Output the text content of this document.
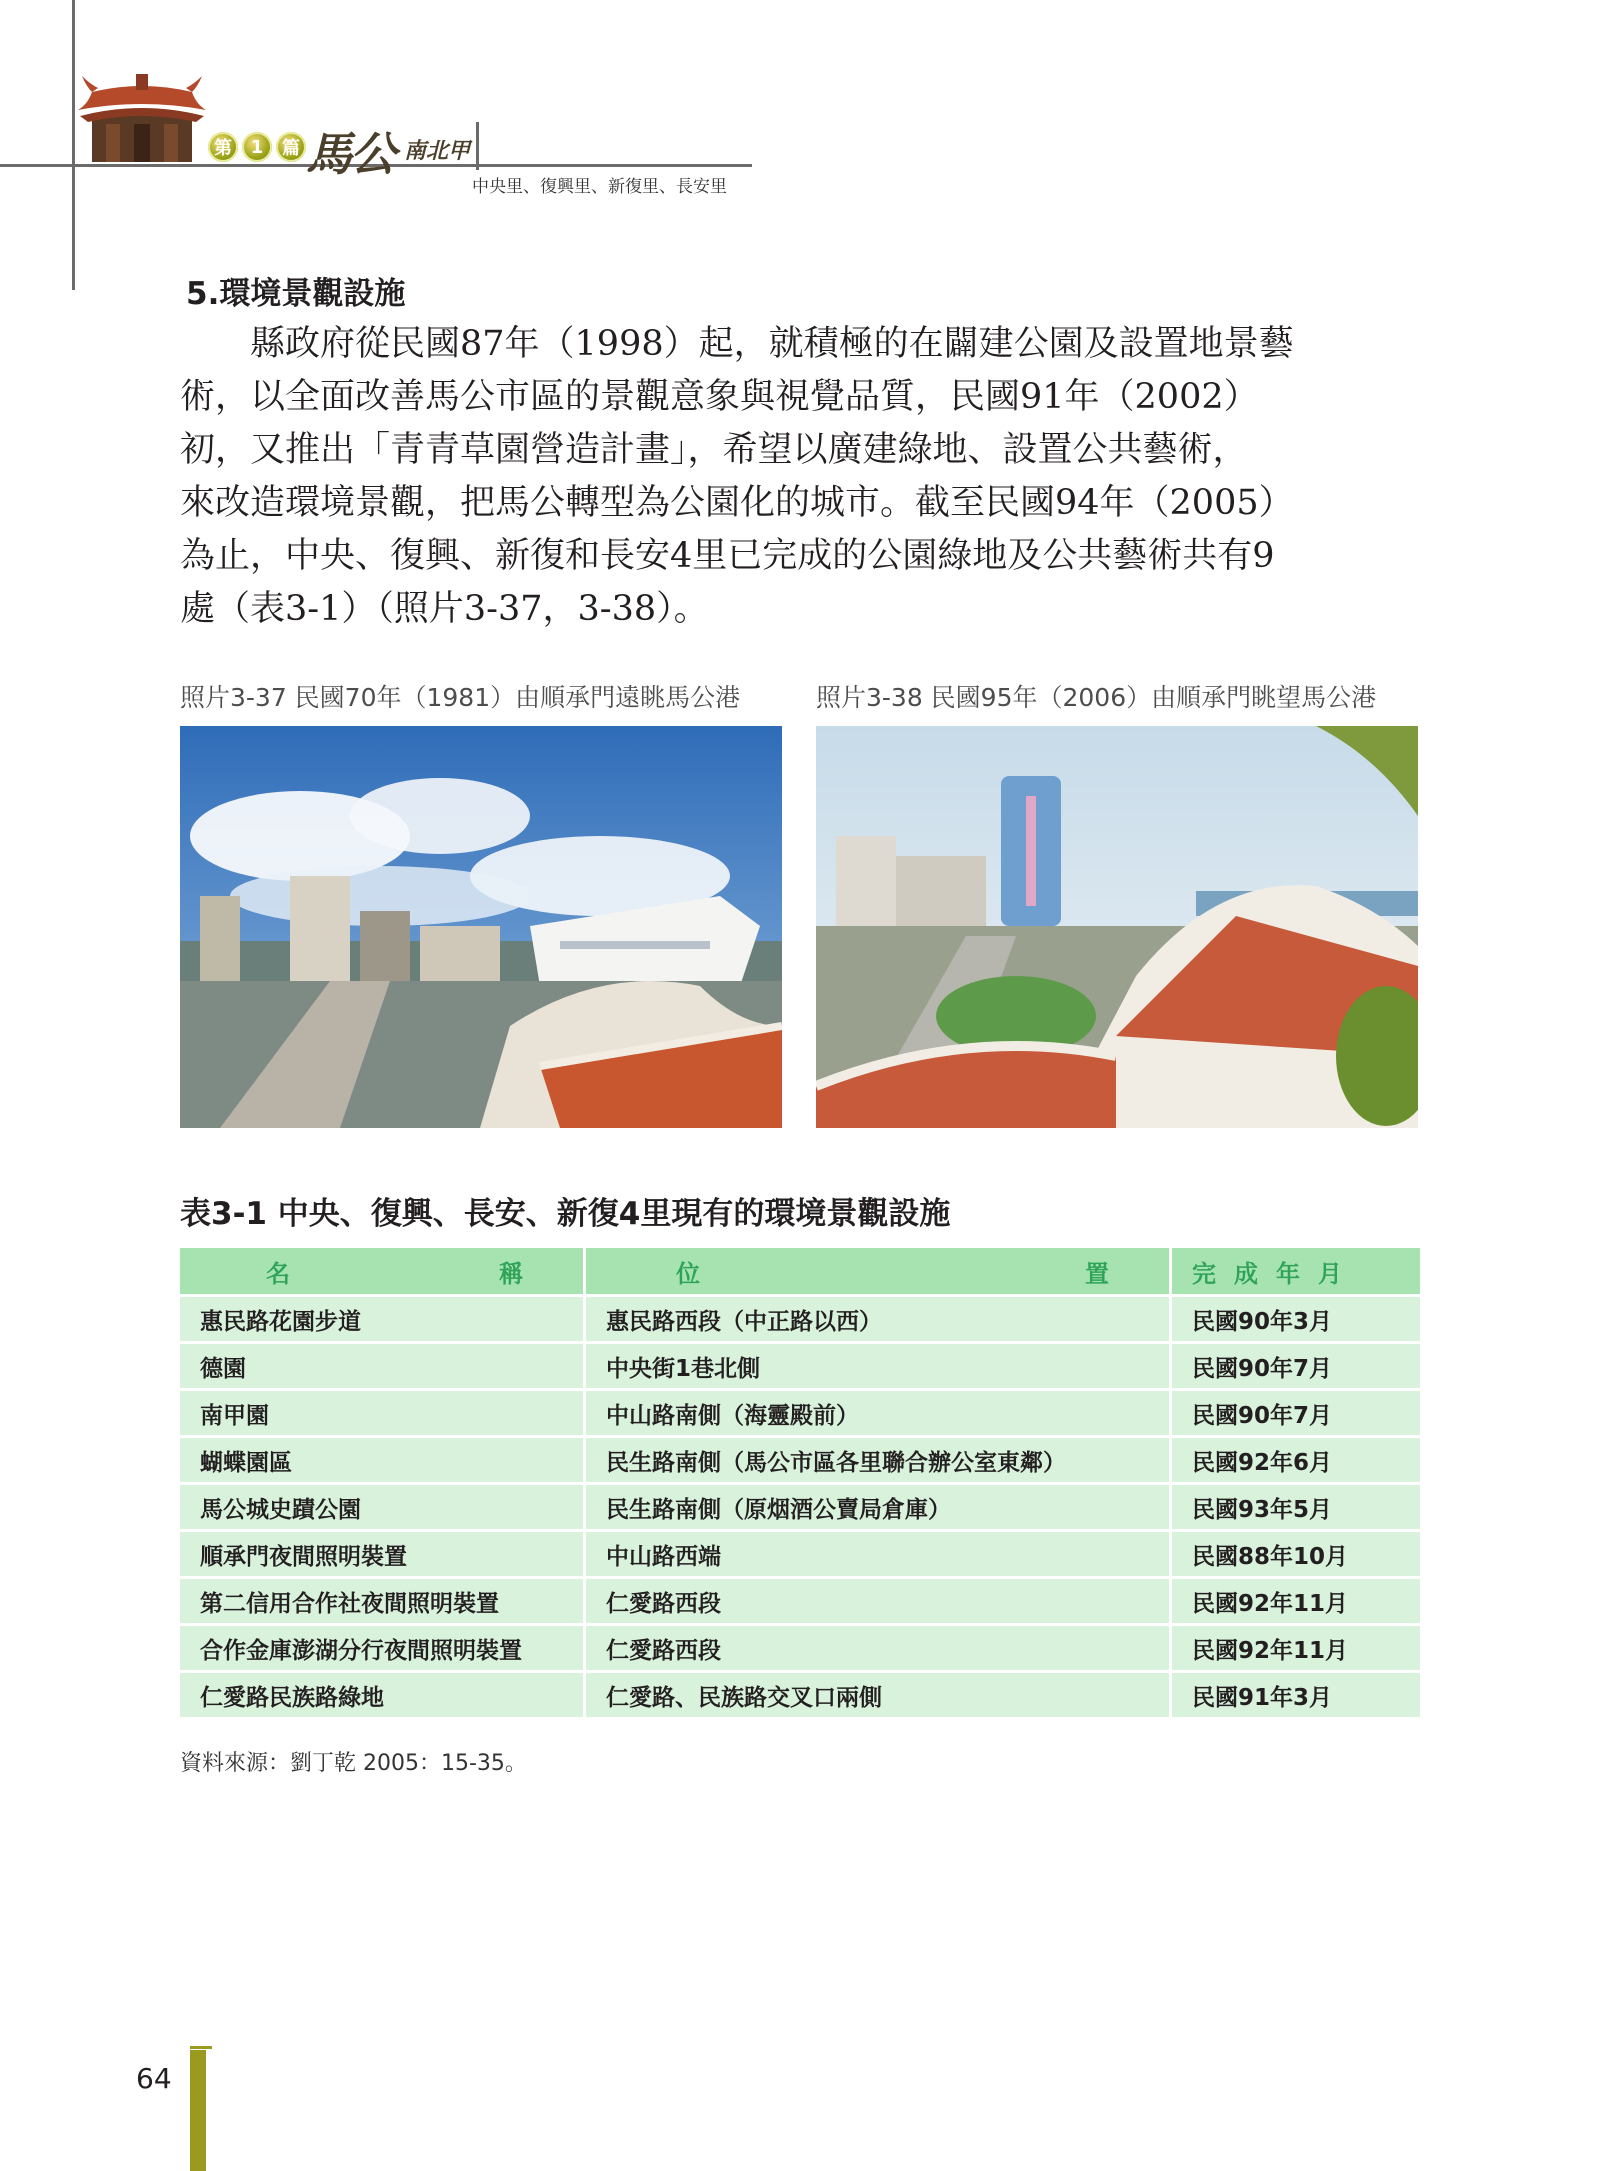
第	1	篇 馬公 南北甲
中央里、復興里、新復里、長安里
5.環境景觀設施

縣政府從民國87年（1998）起，就積極的在闢建公園及設置地景藝

術，以全面改善馬公市區的景觀意象與視覺品質，民國91年（2002）

初，又推出「青青草園營造計畫」，希望以廣建綠地、設置公共藝術，

來改造環境景觀，把馬公轉型為公園化的城市。截至民國94年（2005）

為止，中央、復興、新復和長安4里已完成的公園綠地及公共藝術共有9

處（表3-1）（照片3-37，3-38）。

照片3-37 民國70年（1981）由順承門遠眺馬公港	照片3-38 民國95年（2006）由順承門眺望馬公港
表3-1 中央、復興、長安、新復4里現有的環境景觀設施
名 稱	位 置	完成年月
惠民路花園步道	惠民路西段（中正路以西）	民國90年3月
德園	中央街1巷北側	民國90年7月
南甲園	中山路南側（海靈殿前）	民國90年7月
蝴蝶園區	民生路南側（馬公市區各里聯合辦公室東鄰）	民國92年6月
馬公城史蹟公園	民生路南側（原烟酒公賣局倉庫）	民國93年5月
順承門夜間照明裝置	中山路西端	民國88年10月
第二信用合作社夜間照明裝置	仁愛路西段	民國92年11月
合作金庫澎湖分行夜間照明裝置	仁愛路西段	民國92年11月
仁愛路民族路綠地	仁愛路、民族路交叉口兩側	民國91年3月
資料來源：劉丁乾 2005：15-35。
64
